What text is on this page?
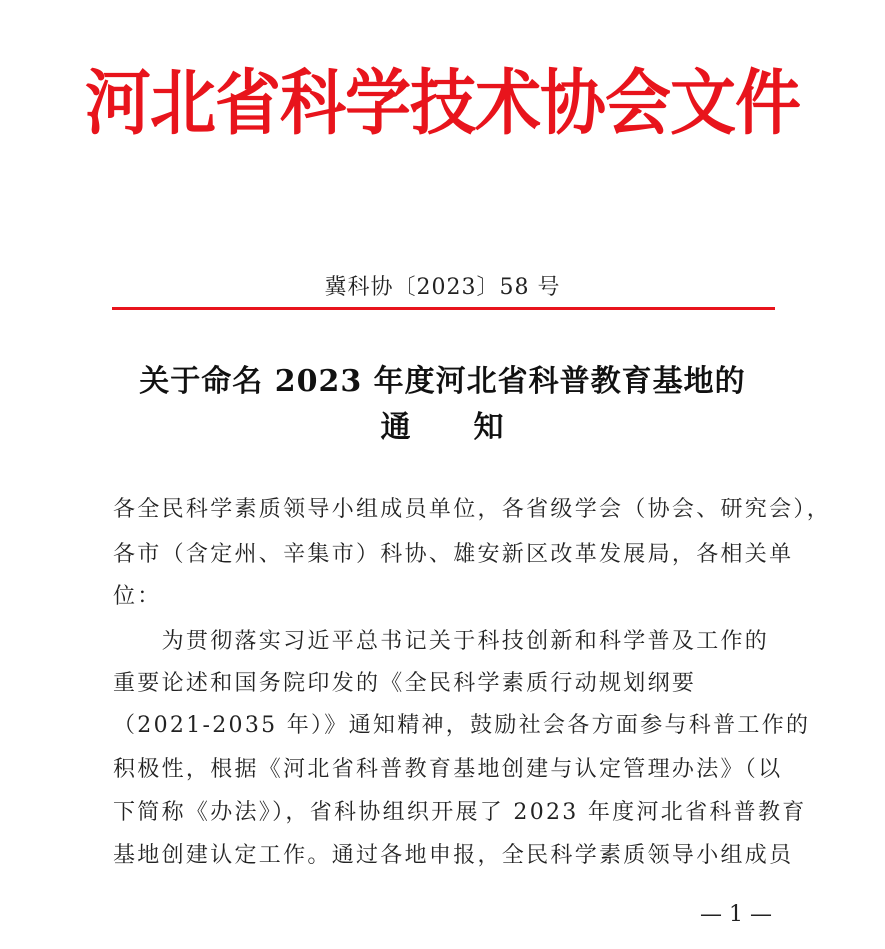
河北省科学技术协会文件
冀科协〔2023〕58 号
关于命名 2023 年度河北省科普教育基地的
通　　知
各全民科学素质领导小组成员单位，各省级学会（协会、研究会），
各市（含定州、辛集市）科协、雄安新区改革发展局，各相关单
位：
　　为贯彻落实习近平总书记关于科技创新和科学普及工作的
重要论述和国务院印发的《全民科学素质行动规划纲要
（2021-2035 年）》通知精神，鼓励社会各方面参与科普工作的
积极性，根据《河北省科普教育基地创建与认定管理办法》（以
下简称《办法》），省科协组织开展了 2023 年度河北省科普教育
基地创建认定工作。通过各地申报，全民科学素质领导小组成员
— 1 —
